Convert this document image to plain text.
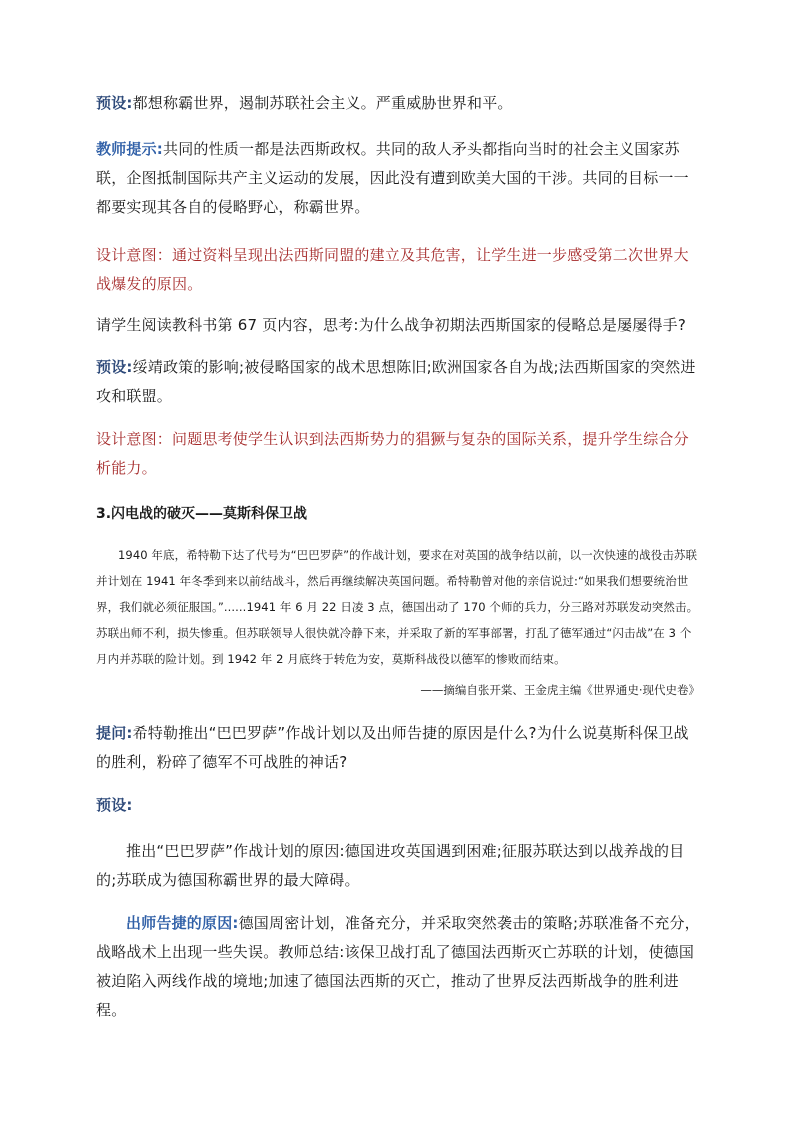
预设:都想称霸世界，遏制苏联社会主义。严重威胁世界和平。

教师提示:共同的性质一都是法西斯政权。共同的敌人矛头都指向当时的社会主义国家苏联，企图抵制国际共产主义运动的发展，因此没有遭到欧美大国的干涉。共同的目标一一都要实现其各自的侵略野心，称霸世界。

设计意图：通过资料呈现出法西斯同盟的建立及其危害，让学生进一步感受第二次世界大战爆发的原因。

请学生阅读教科书第 67 页内容，思考:为什么战争初期法西斯国家的侵略总是屡屡得手?

预设:绥靖政策的影响;被侵略国家的战术思想陈旧;欧洲国家各自为战;法西斯国家的突然进攻和联盟。

设计意图：问题思考使学生认识到法西斯势力的猖獗与复杂的国际关系，提升学生综合分析能力。

3.闪电战的破灭——莫斯科保卫战

1940 年底，希特勒下达了代号为“巴巴罗萨”的作战计划，要求在对英国的战争结以前，以一次快速的战役击苏联并计划在 1941 年冬季到来以前结战斗，然后再继续解决英国问题。希特勒曾对他的亲信说过:“如果我们想要统治世界，我们就必须征服国。”......1941 年 6 月 22 日凌 3 点，德国出动了 170 个师的兵力，分三路对苏联发动突然击。苏联出师不利，损失惨重。但苏联领导人很快就冷静下来，并采取了新的军事部署，打乱了德军通过“闪击战”在 3 个月内并苏联的险计划。到 1942 年 2 月底终于转危为安，莫斯科战役以德军的惨败而结束。

——摘编自张开棠、王金虎主编《世界通史·现代史卷》

提问:希特勒推出“巴巴罗萨”作战计划以及出师告捷的原因是什么?为什么说莫斯科保卫战的胜利，粉碎了德军不可战胜的神话?

预设:

推出“巴巴罗萨”作战计划的原因:德国进攻英国遇到困难;征服苏联达到以战养战的目的;苏联成为德国称霸世界的最大障碍。

出师告捷的原因:德国周密计划，准备充分，并采取突然袭击的策略;苏联准备不充分，战略战术上出现一些失误。教师总结:该保卫战打乱了德国法西斯灭亡苏联的计划，使德国被迫陷入两线作战的境地;加速了德国法西斯的灭亡，推动了世界反法西斯战争的胜利进程。
